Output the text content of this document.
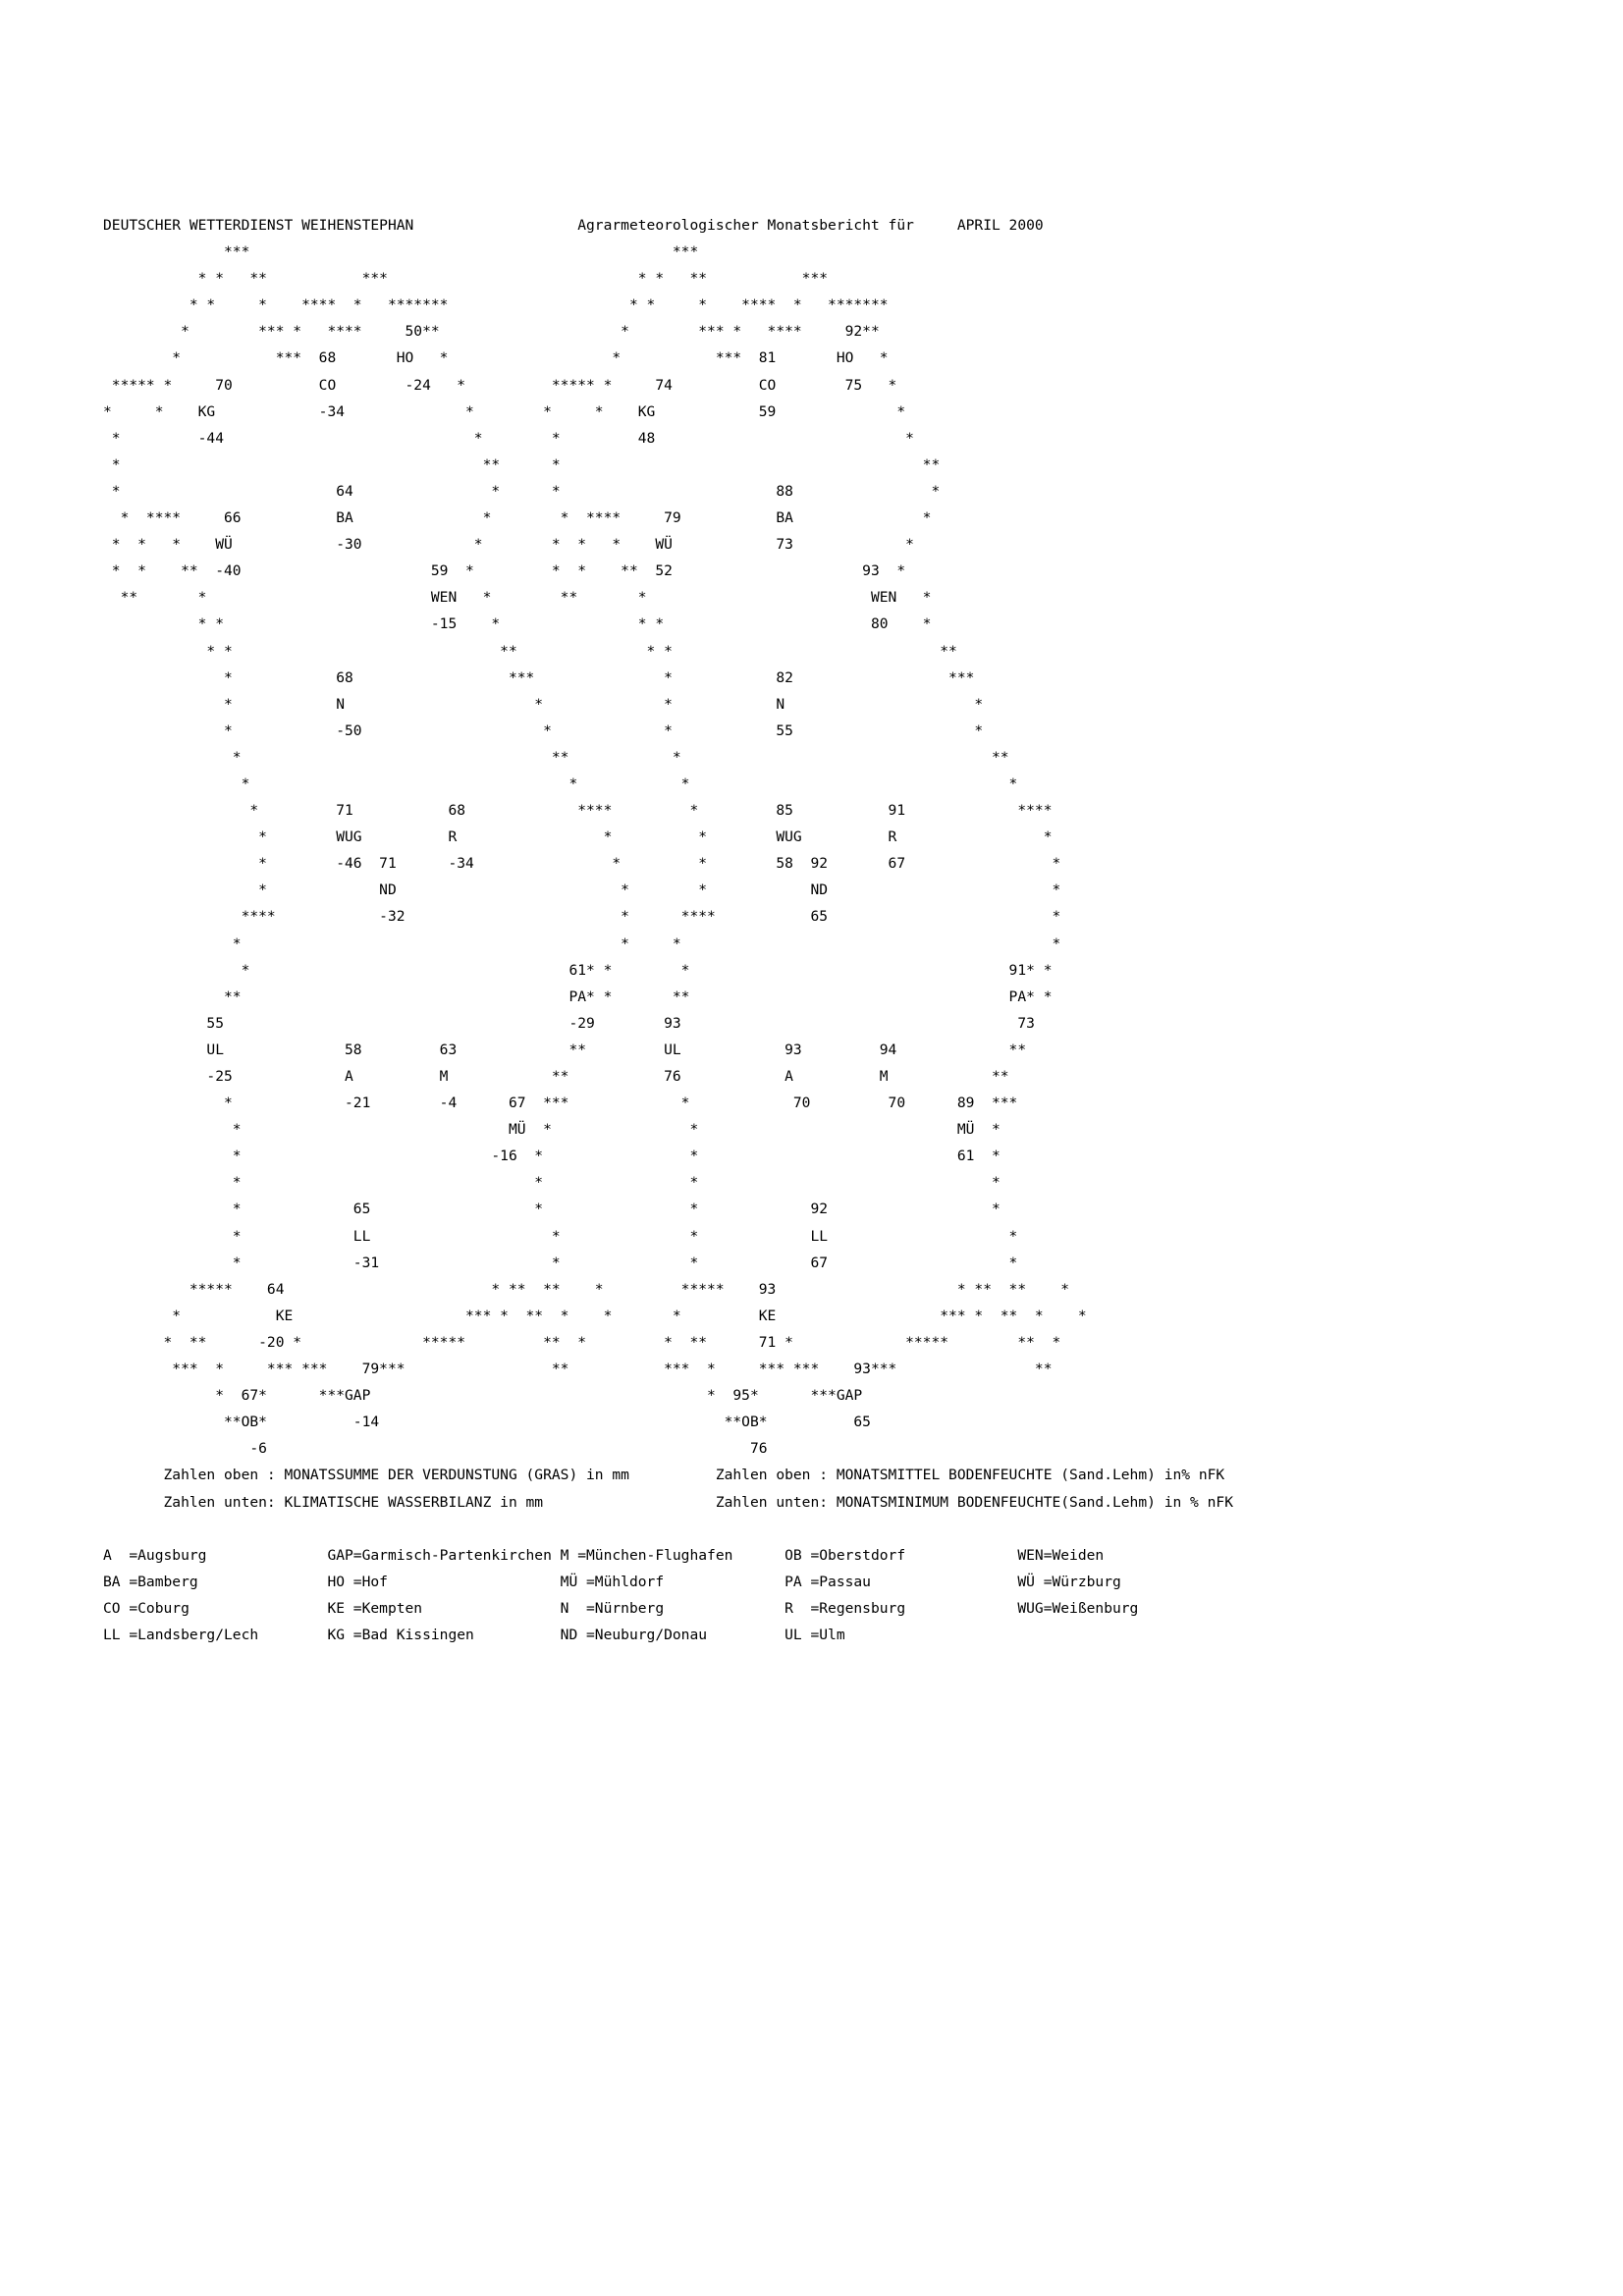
DEUTSCHER WETTERDIENST WEIHENSTEPHAN                   Agrarmeteorologischer Monatsbericht für     APRIL 2000
***                                                 ***
* *   **           ***                             * *   **           ***
* *     *    ****  *   *******                     * *     *    ****  *   *******
*        *** *   ****     50**                     *        *** *   ****     92**
*           ***  68       HO   *                   *           ***  81       HO   *
***** *     70          CO        -24   *          ***** *     74          CO        75   *
*     *    KG            -34              *        *     *    KG            59              *
*         -44                             *        *         48                             *
*                                          **      *                                          **
*                         64                *      *                         88                *
*  ****     66           BA               *        *  ****     79           BA               *
*  *   *    WÜ            -30             *        *  *   *    WÜ            73             *
*  *    **  -40                      59  *         *  *    **  52                      93  *
**       *                          WEN   *        **       *                          WEN   *
* *                        -15    *                * *                        80    *
* *                               **               * *                               **
*            68                  ***               *            82                  ***
*            N                      *              *            N                      *
*            -50                     *             *            55                     *
*                                    **            *                                    **
*                                     *            *                                     *
*         71           68             ****         *         85           91             ****
*        WUG          R                 *          *        WUG          R                 *
*        -46  71      -34                *         *        58  92       67                 *
*             ND                          *        *            ND                          *
****            -32                         *      ****           65                          *
*                                            *     *                                           *
*                                     61* *        *                                     91* *
**                                      PA* *       **                                     PA* *
55                                        -29        93                                       73
UL              58         63             **         UL            93         94             **
-25             A          M            **           76            A          M            **
*             -21        -4      67  ***             *            70         70      89  ***
*                               MÜ  *                *                              MÜ  *
*                             -16  *                 *                              61  *
*                                  *                 *                                  *
*             65                   *                 *             92                   *
*             LL                     *               *             LL                     *
*             -31                    *               *             67                     *
*****    64                        * **  **    *         *****    93                     * **  **    *
*           KE                    *** *  **  *    *       *         KE                   *** *  **  *    *
*  **      -20 *              *****         **  *         *  **      71 *             *****        **  *
***  *     *** ***    79***                 **           ***  *     *** ***    93***                **
*  67*      ***GAP                                       *  95*      ***GAP
**OB*          -14                                        **OB*          65
-6                                                        76
Zahlen oben : MONATSSUMME DER VERDUNSTUNG (GRAS) in mm          Zahlen oben : MONATSMITTEL BODENFEUCHTE (Sand.Lehm) in% nFK
Zahlen unten: KLIMATISCHE WASSERBILANZ in mm                    Zahlen unten: MONATSMINIMUM BODENFEUCHTE(Sand.Lehm) in % nFK
A  =Augsburg              GAP=Garmisch-Partenkirchen M =München-Flughafen      OB =Oberstdorf             WEN=Weiden
BA =Bamberg               HO =Hof                    MÜ =Mühldorf              PA =Passau                 WÜ =Würzburg
CO =Coburg                KE =Kempten                N  =Nürnberg              R  =Regensburg             WUG=Weißenburg
LL =Landsberg/Lech        KG =Bad Kissingen          ND =Neuburg/Donau         UL =Ulm
